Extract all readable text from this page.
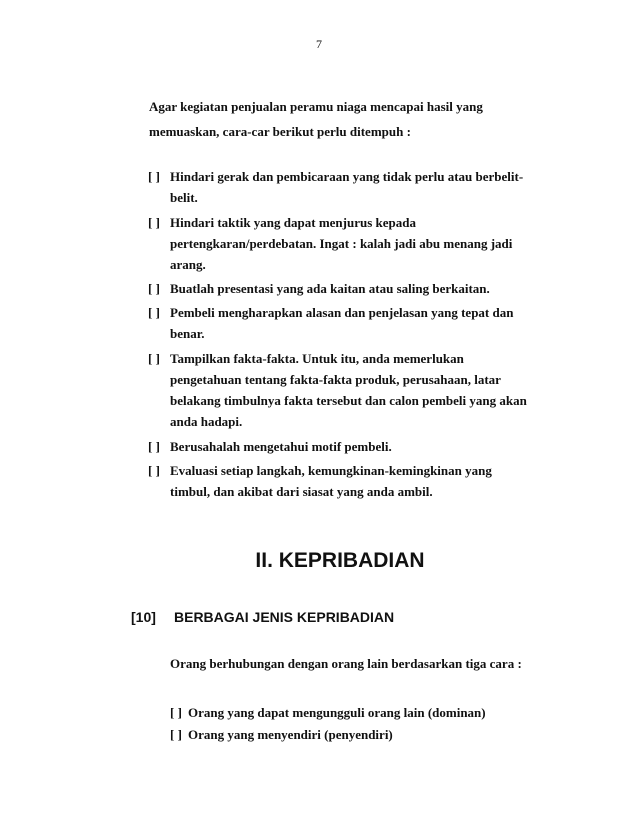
7
Agar kegiatan penjualan peramu niaga mencapai hasil yang
memuaskan, cara-car berikut perlu ditempuh :
[ ] Hindari gerak dan pembicaraan yang tidak perlu atau berbelit-
belit.
[ ] Hindari taktik yang dapat menjurus kepada
pertengkaran/perdebatan. Ingat : kalah jadi abu menang jadi
arang.
[ ] Buatlah presentasi yang ada kaitan atau saling berkaitan.
[ ] Pembeli mengharapkan alasan dan penjelasan yang tepat dan
benar.
[ ] Tampilkan fakta-fakta. Untuk itu, anda memerlukan
pengetahuan tentang fakta-fakta produk, perusahaan, latar
belakang timbulnya fakta tersebut dan calon pembeli yang akan
anda hadapi.
[ ] Berusahalah mengetahui motif pembeli.
[ ] Evaluasi setiap langkah, kemungkinan-kemingkinan yang
timbul, dan akibat dari siasat yang anda ambil.
II. KEPRIBADIAN
[10] BERBAGAI JENIS KEPRIBADIAN
Orang berhubungan dengan orang lain berdasarkan tiga cara :
[ ] Orang yang dapat mengungguli orang lain (dominan)
[ ] Orang yang menyendiri (penyendiri)
